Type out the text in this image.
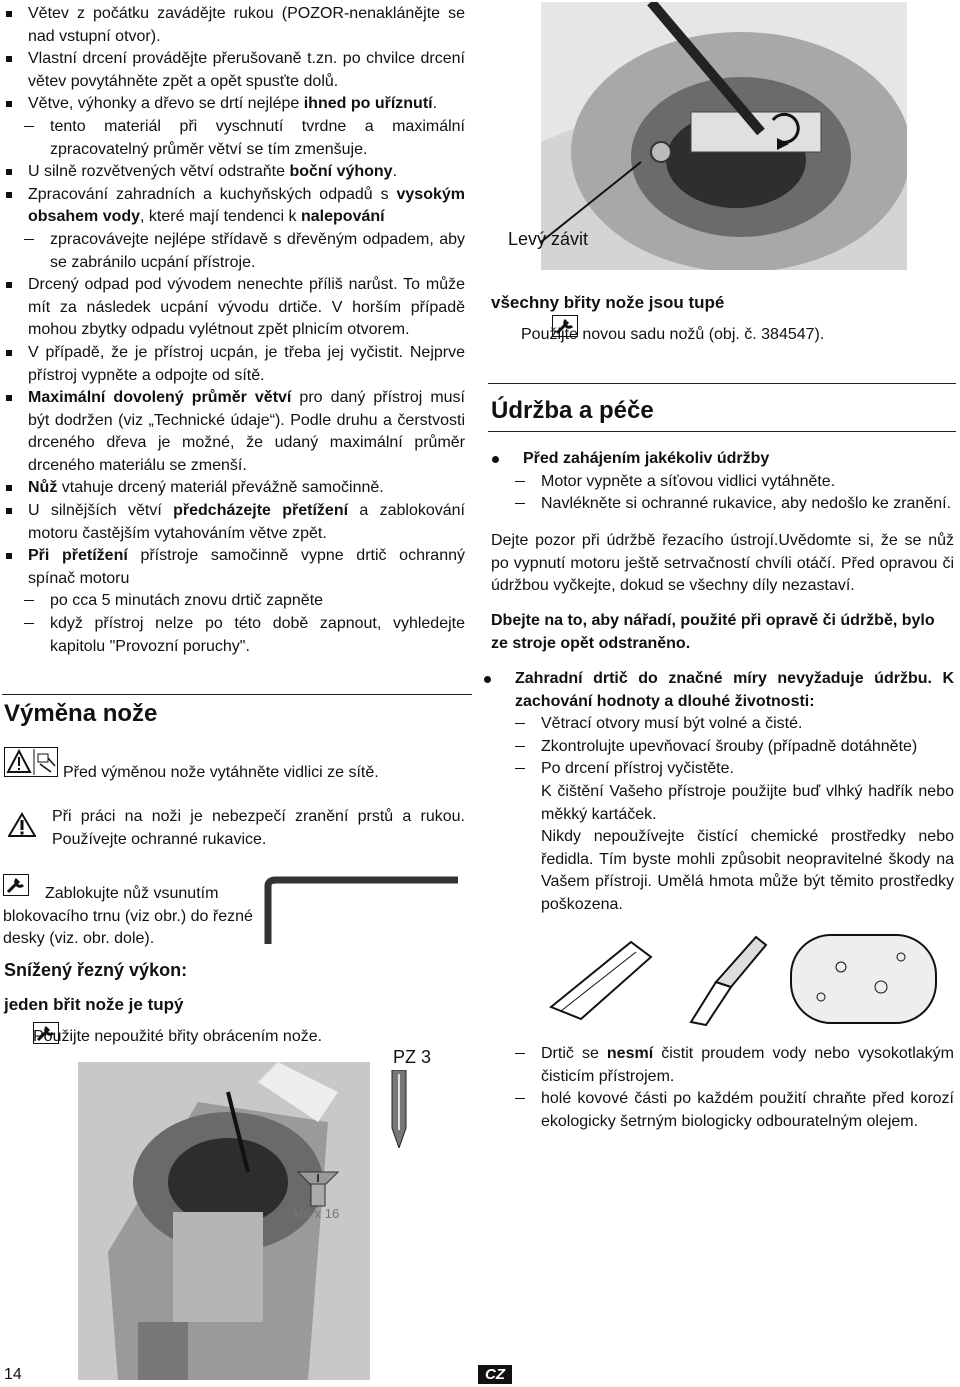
Větev z počátku zavádějte rukou (POZOR-nenaklánějte se nad vstupní otvor).
Vlastní drcení provádějte přerušovaně t.zn. po chvilce drcení větev povytáhněte zpět a opět spusťte dolů.
Větve, výhonky a dřevo se drtí nejlépe ihned po uříznutí.
tento materiál při vyschnutí tvrdne a maximální zpracovatelný průměr větví se tím zmenšuje.
U silně rozvětvených větví odstraňte boční výhony.
Zpracování zahradních a kuchyňských odpadů s vysokým obsahem vody, které mají tendenci k nalepování
zpracovávejte nejlépe střídavě s dřevěným odpadem, aby se zabránilo ucpání přístroje.
Drcený odpad pod vývodem nenechte příliš narůst. To může mít za následek ucpání vývodu drtiče. V horším případě mohou zbytky odpadu vylétnout zpět plnicím otvorem.
V případě, že je přístroj ucpán, je třeba jej vyčistit. Nejprve přístroj vypněte a odpojte od sítě.
Maximální dovolený průměr větví pro daný přístroj musí být dodržen (viz „Technické údaje“). Podle druhu a čerstvosti drceného dřeva je možné, že udaný maximální průměr drceného materiálu se zmenší.
Nůž vtahuje drcený materiál převážně samočinně.
U silnějších větví předcházejte přetížení a zablokování motoru častějším vytahováním větve zpět.
Při přetížení přístroje samočinně vypne drtič ochranný spínač motoru
po cca 5 minutách znovu drtič zapněte
když přístroj nelze po této době zapnout, vyhledejte kapitolu "Provozní poruchy".
Výměna nože
Před výměnou nože vytáhněte vidlici ze sítě.
Při práci na noži je nebezpečí zranění prstů a rukou. Používejte ochranné rukavice.

Zablokujte nůž vsunutím blokovacího trnu (viz obr.) do řezné desky (viz. obr. dole).
Snížený řezný výkon:
jeden břit nože je tupý

Použijte nepoužité břity obrácením nože.
PZ 3
M6 x 16
Levý závit
všechny břity nože jsou tupé
Použijte novou sadu nožů (obj. č. 384547).
Údržba a péče
Před zahájením jakékoliv údržby
Motor vypněte a síťovou vidlici vytáhněte.
Navlékněte si ochranné rukavice, aby nedošlo ke zranění.
Dejte pozor při údržbě řezacího ústrojí.Uvědomte si, že se nůž po vypnutí motoru ještě setrvačností chvíli otáčí. Před opravou či údržbou vyčkejte, dokud se všechny díly nezastaví.
Dbejte na to, aby nářadí, použité při opravě či údržbě, bylo ze stroje opět odstraněno.
Zahradní drtič do značné míry nevyžaduje údržbu. K zachování hodnoty a dlouhé životnosti:
Větrací otvory musí být volné a čisté.
Zkontrolujte upevňovací šrouby (případně dotáhněte)
Po drcení přístroj vyčistěte.
K čištění Vašeho přístroje použijte buď vlhký hadřík nebo měkký kartáček.
Nikdy nepoužívejte čistící chemické prostředky nebo ředidla. Tím byste mohli způsobit neopravitelné škody na Vašem přístroji. Umělá hmota může být těmito prostředky poškozena.
Drtič se nesmí čistit proudem vody nebo vysokotlakým čisticím přístrojem.
holé kovové části po každém použití chraňte před korozí ekologicky šetrným biologicky odbouratelným olejem.
14	CZ
